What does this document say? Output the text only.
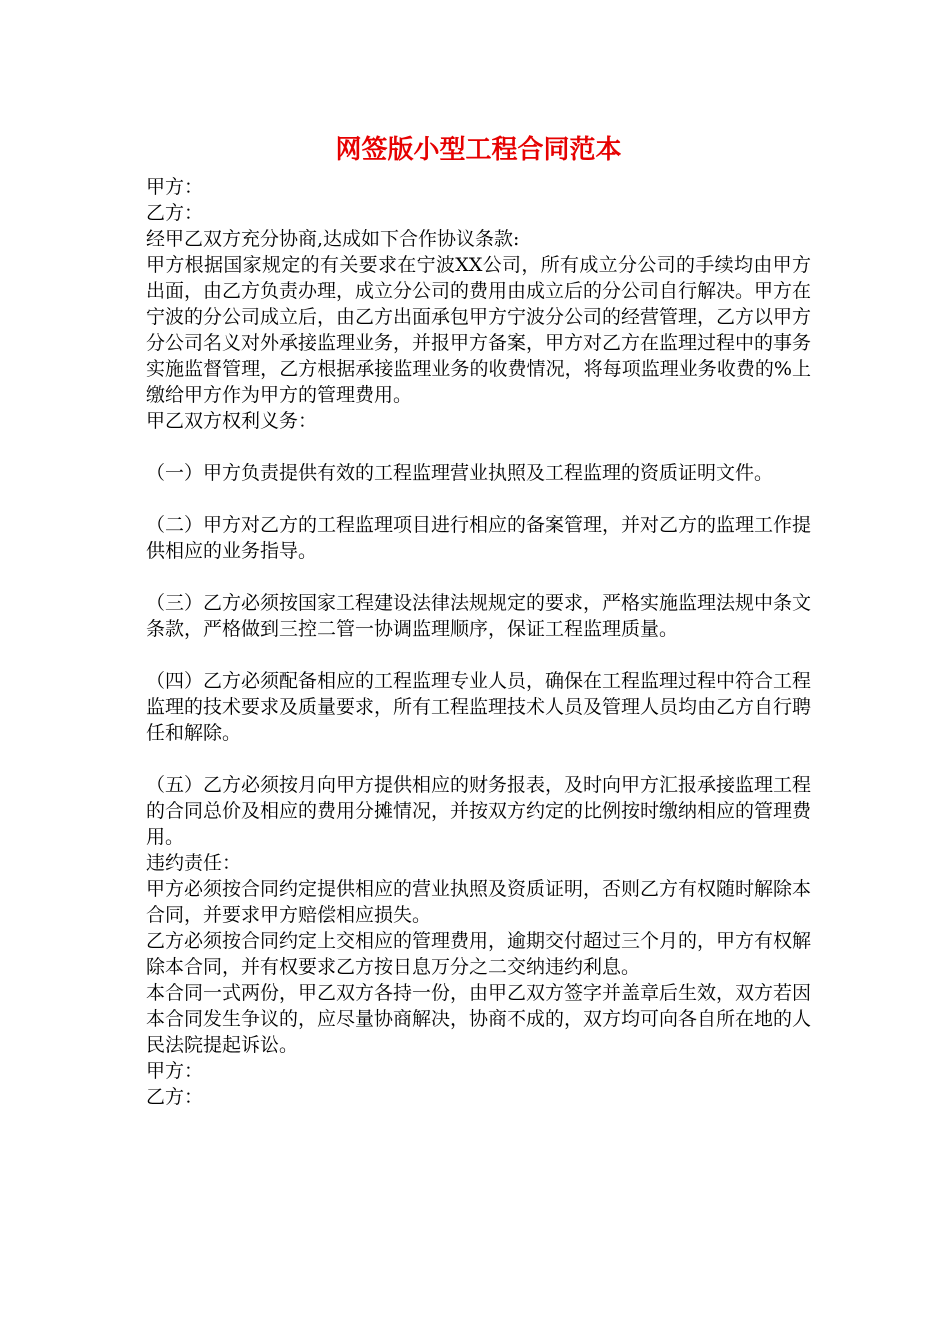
网签版小型工程合同范本

甲方：

乙方：

经甲乙双方充分协商,达成如下合作协议条款:

甲方根据国家规定的有关要求在宁波XX公司，所有成立分公司的手续均由甲方出面，由乙方负责办理，成立分公司的费用由成立后的分公司自行解决。甲方在宁波的分公司成立后，由乙方出面承包甲方宁波分公司的经营管理，乙方以甲方分公司名义对外承接监理业务，并报甲方备案，甲方对乙方在监理过程中的事务实施监督管理，乙方根据承接监理业务的收费情况，将每项监理业务收费的%上缴给甲方作为甲方的管理费用。

甲乙双方权利义务：

（一）甲方负责提供有效的工程监理营业执照及工程监理的资质证明文件。

（二）甲方对乙方的工程监理项目进行相应的备案管理，并对乙方的监理工作提供相应的业务指导。

（三）乙方必须按国家工程建设法律法规规定的要求，严格实施监理法规中条文条款，严格做到三控二管一协调监理顺序，保证工程监理质量。

（四）乙方必须配备相应的工程监理专业人员，确保在工程监理过程中符合工程监理的技术要求及质量要求，所有工程监理技术人员及管理人员均由乙方自行聘任和解除。

（五）乙方必须按月向甲方提供相应的财务报表，及时向甲方汇报承接监理工程的合同总价及相应的费用分摊情况，并按双方约定的比例按时缴纳相应的管理费用。

违约责任：

甲方必须按合同约定提供相应的营业执照及资质证明，否则乙方有权随时解除本合同，并要求甲方赔偿相应损失。

乙方必须按合同约定上交相应的管理费用，逾期交付超过三个月的，甲方有权解除本合同，并有权要求乙方按日息万分之二交纳违约利息。

本合同一式两份，甲乙双方各持一份，由甲乙双方签字并盖章后生效，双方若因本合同发生争议的，应尽量协商解决，协商不成的，双方均可向各自所在地的人民法院提起诉讼。

甲方：

乙方：
